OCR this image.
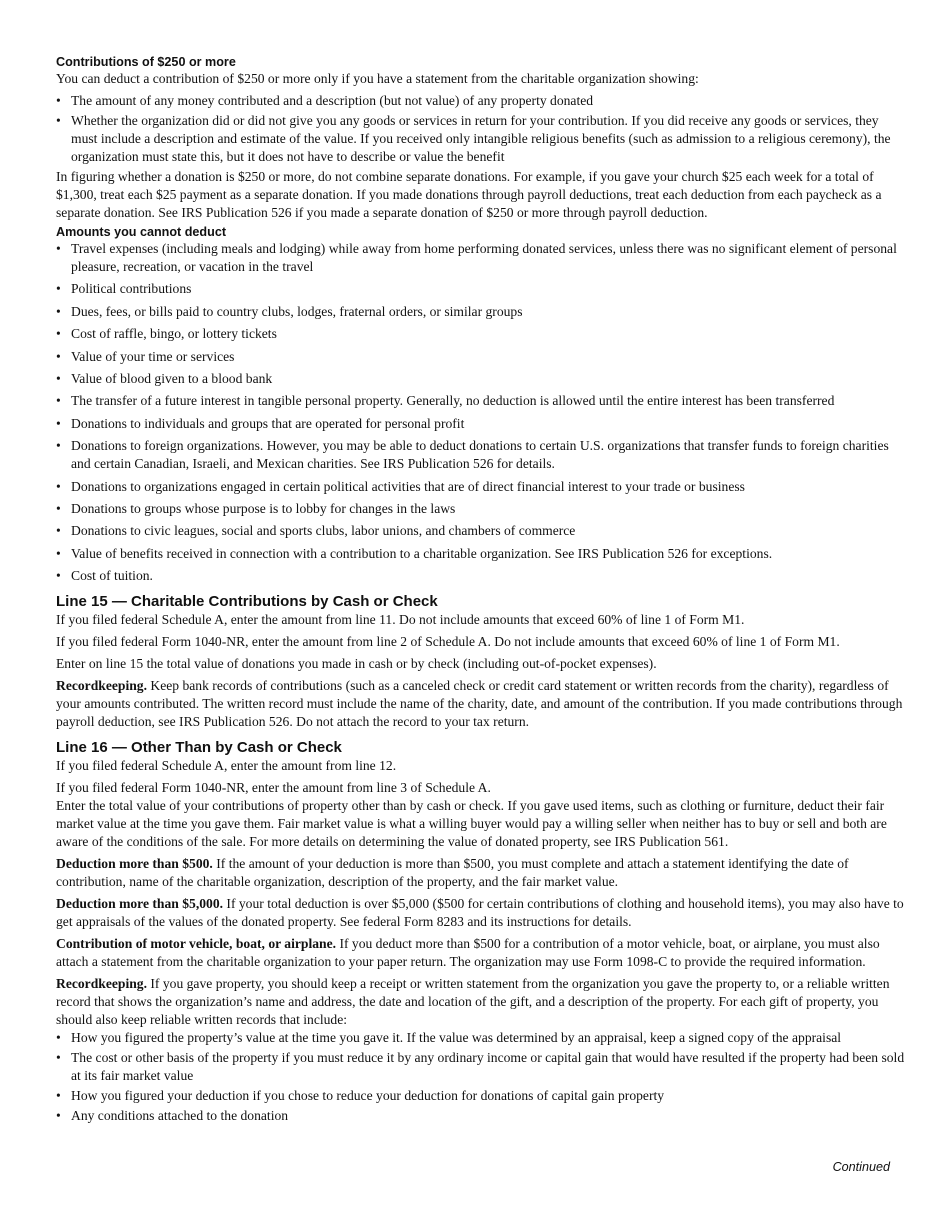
Contributions of $250 or more

You can deduct a contribution of $250 or more only if you have a statement from the charitable organization showing:

• The amount of any money contributed and a description (but not value) of any property donated
• Whether the organization did or did not give you any goods or services in return for your contribution. If you did receive any goods or services, they must include a description and estimate of the value. If you received only intangible religious benefits (such as admission to a religious ceremony), the organization must state this, but it does not have to describe or value the benefit

In figuring whether a donation is $250 or more, do not combine separate donations. For example, if you gave your church $25 each week for a total of $1,300, treat each $25 payment as a separate donation. If you made donations through payroll deductions, treat each deduction from each paycheck as a separate donation. See IRS Publication 526 if you made a separate donation of $250 or more through payroll deduction.

Amounts you cannot deduct
• Travel expenses (including meals and lodging) while away from home performing donated services, unless there was no significant element of personal pleasure, recreation, or vacation in the travel
• Political contributions
• Dues, fees, or bills paid to country clubs, lodges, fraternal orders, or similar groups
• Cost of raffle, bingo, or lottery tickets
• Value of your time or services
• Value of blood given to a blood bank
• The transfer of a future interest in tangible personal property. Generally, no deduction is allowed until the entire interest has been transferred
• Donations to individuals and groups that are operated for personal profit
• Donations to foreign organizations. However, you may be able to deduct donations to certain U.S. organizations that transfer funds to foreign charities and certain Canadian, Israeli, and Mexican charities. See IRS Publication 526 for details.
• Donations to organizations engaged in certain political activities that are of direct financial interest to your trade or business
• Donations to groups whose purpose is to lobby for changes in the laws
• Donations to civic leagues, social and sports clubs, labor unions, and chambers of commerce
• Value of benefits received in connection with a contribution to a charitable organization. See IRS Publication 526 for exceptions.
• Cost of tuition.
Line 15 — Charitable Contributions by Cash or Check

If you filed federal Schedule A, enter the amount from line 11. Do not include amounts that exceed 60% of line 1 of Form M1.

If you filed federal Form 1040-NR, enter the amount from line 2 of Schedule A. Do not include amounts that exceed 60% of line 1 of Form M1.

Enter on line 15 the total value of donations you made in cash or by check (including out-of-pocket expenses).

Recordkeeping. Keep bank records of contributions (such as a canceled check or credit card statement or written records from the charity), regardless of your amounts contributed. The written record must include the name of the charity, date, and amount of the contribution. If you made contributions through payroll deduction, see IRS Publication 526. Do not attach the record to your tax return.

Line 16 — Other Than by Cash or Check

If you filed federal Schedule A, enter the amount from line 12.

If you filed federal Form 1040-NR, enter the amount from line 3 of Schedule A.

Enter the total value of your contributions of property other than by cash or check. If you gave used items, such as clothing or furniture, deduct their fair market value at the time you gave them. Fair market value is what a willing buyer would pay a willing seller when neither has to buy or sell and both are aware of the conditions of the sale. For more details on determining the value of donated property, see IRS Publication 561.

Deduction more than $500. If the amount of your deduction is more than $500, you must complete and attach a statement identifying the date of contribution, name of the charitable organization, description of the property, and the fair market value.

Deduction more than $5,000. If your total deduction is over $5,000 ($500 for certain contributions of clothing and household items), you may also have to get appraisals of the values of the donated property. See federal Form 8283 and its instructions for details.

Contribution of motor vehicle, boat, or airplane. If you deduct more than $500 for a contribution of a motor vehicle, boat, or airplane, you must also attach a statement from the charitable organization to your paper return. The organization may use Form 1098-C to provide the required information.

Recordkeeping. If you gave property, you should keep a receipt or written statement from the organization you gave the property to, or a reliable written record that shows the organization’s name and address, the date and location of the gift, and a description of the property. For each gift of property, you should also keep reliable written records that include:

• How you figured the property’s value at the time you gave it. If the value was determined by an appraisal, keep a signed copy of the appraisal
• The cost or other basis of the property if you must reduce it by any ordinary income or capital gain that would have resulted if the property had been sold at its fair market value
• How you figured your deduction if you chose to reduce your deduction for donations of capital gain property
• Any conditions attached to the donation
Continued
